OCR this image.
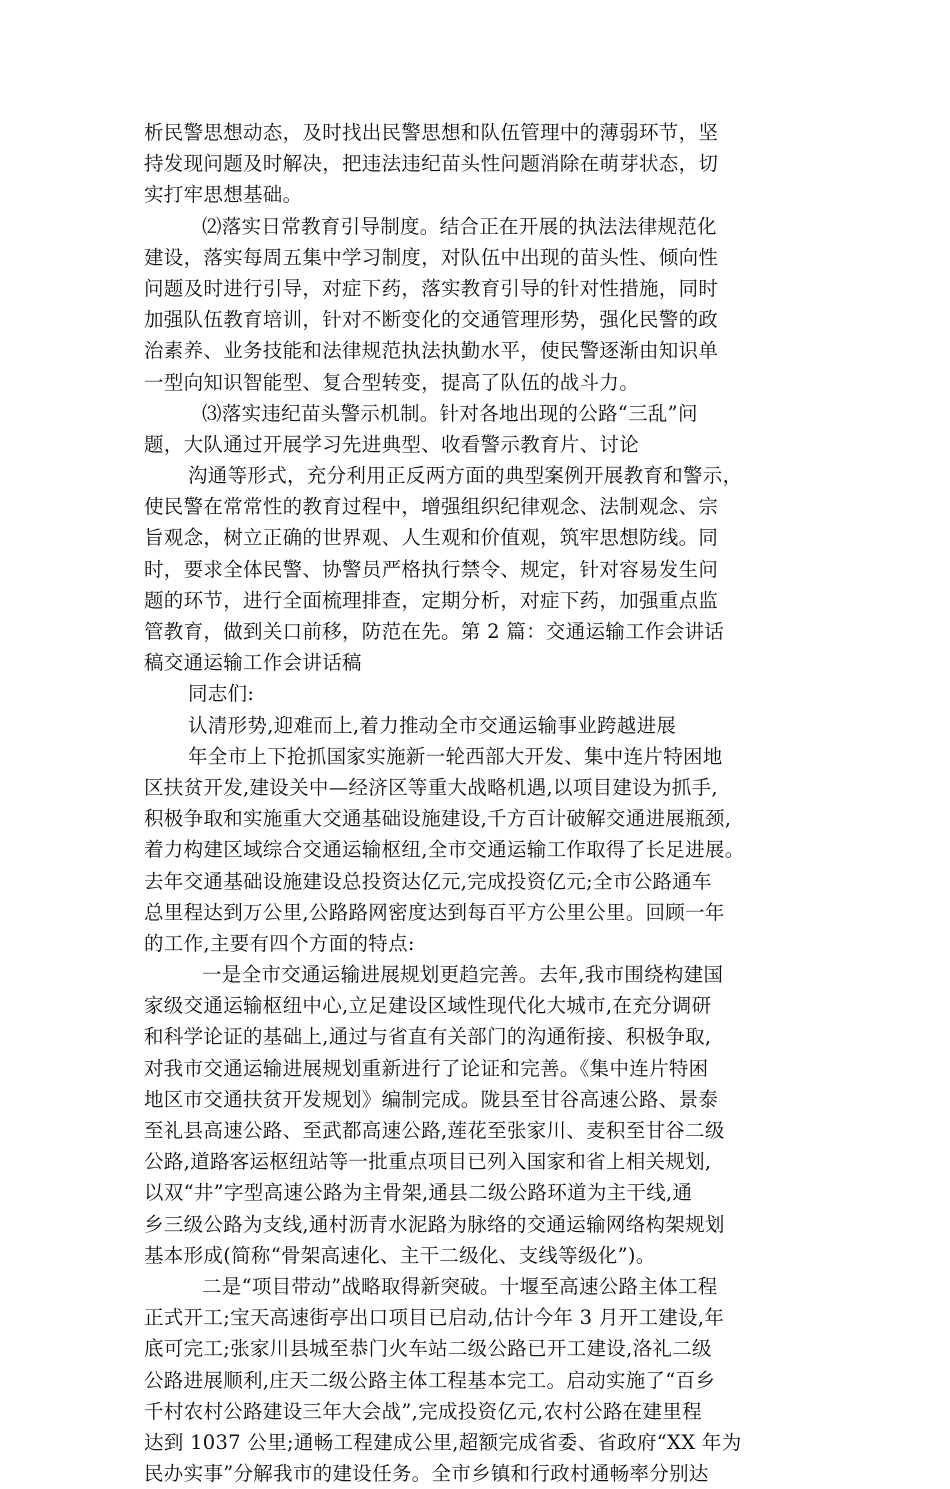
析民警思想动态，及时找出民警思想和队伍管理中的薄弱环节，坚
持发现问题及时解决，把违法违纪苗头性问题消除在萌芽状态，切
实打牢思想基础。
⑵落实日常教育引导制度。结合正在开展的执法法律规范化
建设，落实每周五集中学习制度，对队伍中出现的苗头性、倾向性
问题及时进行引导，对症下药，落实教育引导的针对性措施，同时
加强队伍教育培训，针对不断变化的交通管理形势，强化民警的政
治素养、业务技能和法律规范执法执勤水平，使民警逐渐由知识单
一型向知识智能型、复合型转变，提高了队伍的战斗力。
⑶落实违纪苗头警示机制。针对各地出现的公路“三乱”问
题，大队通过开展学习先进典型、收看警示教育片、讨论
沟通等形式，充分利用正反两方面的典型案例开展教育和警示，
使民警在常常性的教育过程中，增强组织纪律观念、法制观念、宗
旨观念，树立正确的世界观、人生观和价值观，筑牢思想防线。同
时，要求全体民警、协警员严格执行禁令、规定，针对容易发生问
题的环节，进行全面梳理排查，定期分析，对症下药，加强重点监
管教育，做到关口前移，防范在先。第 2 篇：交通运输工作会讲话
稿交通运输工作会讲话稿
同志们:
认清形势,迎难而上,着力推动全市交通运输事业跨越进展
年全市上下抢抓国家实施新一轮西部大开发、集中连片特困地
区扶贫开发,建设关中—经济区等重大战略机遇,以项目建设为抓手,
积极争取和实施重大交通基础设施建设,千方百计破解交通进展瓶颈,
着力构建区域综合交通运输枢纽,全市交通运输工作取得了长足进展。
去年交通基础设施建设总投资达亿元,完成投资亿元;全市公路通车
总里程达到万公里,公路路网密度达到每百平方公里公里。回顾一年
的工作,主要有四个方面的特点:
一是全市交通运输进展规划更趋完善。去年,我市围绕构建国
家级交通运输枢纽中心,立足建设区域性现代化大城市,在充分调研
和科学论证的基础上,通过与省直有关部门的沟通衔接、积极争取,
对我市交通运输进展规划重新进行了论证和完善。《集中连片特困
地区市交通扶贫开发规划》编制完成。陇县至甘谷高速公路、景泰
至礼县高速公路、至武都高速公路,莲花至张家川、麦积至甘谷二级
公路,道路客运枢纽站等一批重点项目已列入国家和省上相关规划,
以双“井”字型高速公路为主骨架,通县二级公路环道为主干线,通
乡三级公路为支线,通村沥青水泥路为脉络的交通运输网络构架规划
基本形成(简称“骨架高速化、主干二级化、支线等级化”)。
二是“项目带动”战略取得新突破。十堰至高速公路主体工程
正式开工;宝天高速街亭出口项目已启动,估计今年 3 月开工建设,年
底可完工;张家川县城至恭门火车站二级公路已开工建设,洛礼二级
公路进展顺利,庄天二级公路主体工程基本完工。启动实施了“百乡
千村农村公路建设三年大会战”,完成投资亿元,农村公路在建里程
达到 1037 公里;通畅工程建成公里,超额完成省委、省政府“XX 年为
民办实事”分解我市的建设任务。全市乡镇和行政村通畅率分别达
